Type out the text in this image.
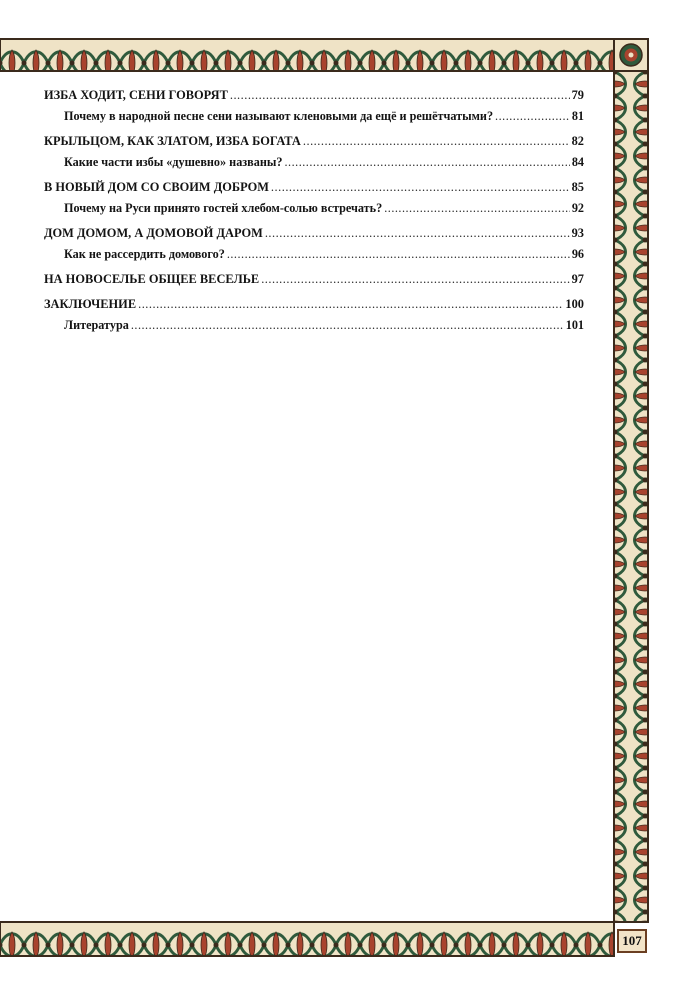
ИЗБА ХОДИТ, СЕНИ ГОВОРЯТ .....	79
Почему в народной песне сени называют кленовыми да ещё и решётчатыми? .....	81
КРЫЛЬЦОМ, КАК ЗЛАТОМ, ИЗБА БОГАТА .....	82
Какие части избы «душевно» названы? .....	84
В НОВЫЙ ДОМ СО СВОИМ ДОБРОМ .....	85
Почему на Руси принято гостей хлебом-солью встречать? .....	92
ДОМ ДОМОМ, А ДОМОВОЙ ДАРОМ .....	93
Как не рассердить домового? .....	96
НА НОВОСЕЛЬЕ ОБЩЕЕ ВЕСЕЛЬЕ .....	97
ЗАКЛЮЧЕНИЕ .....	100
Литература .....	101
107
